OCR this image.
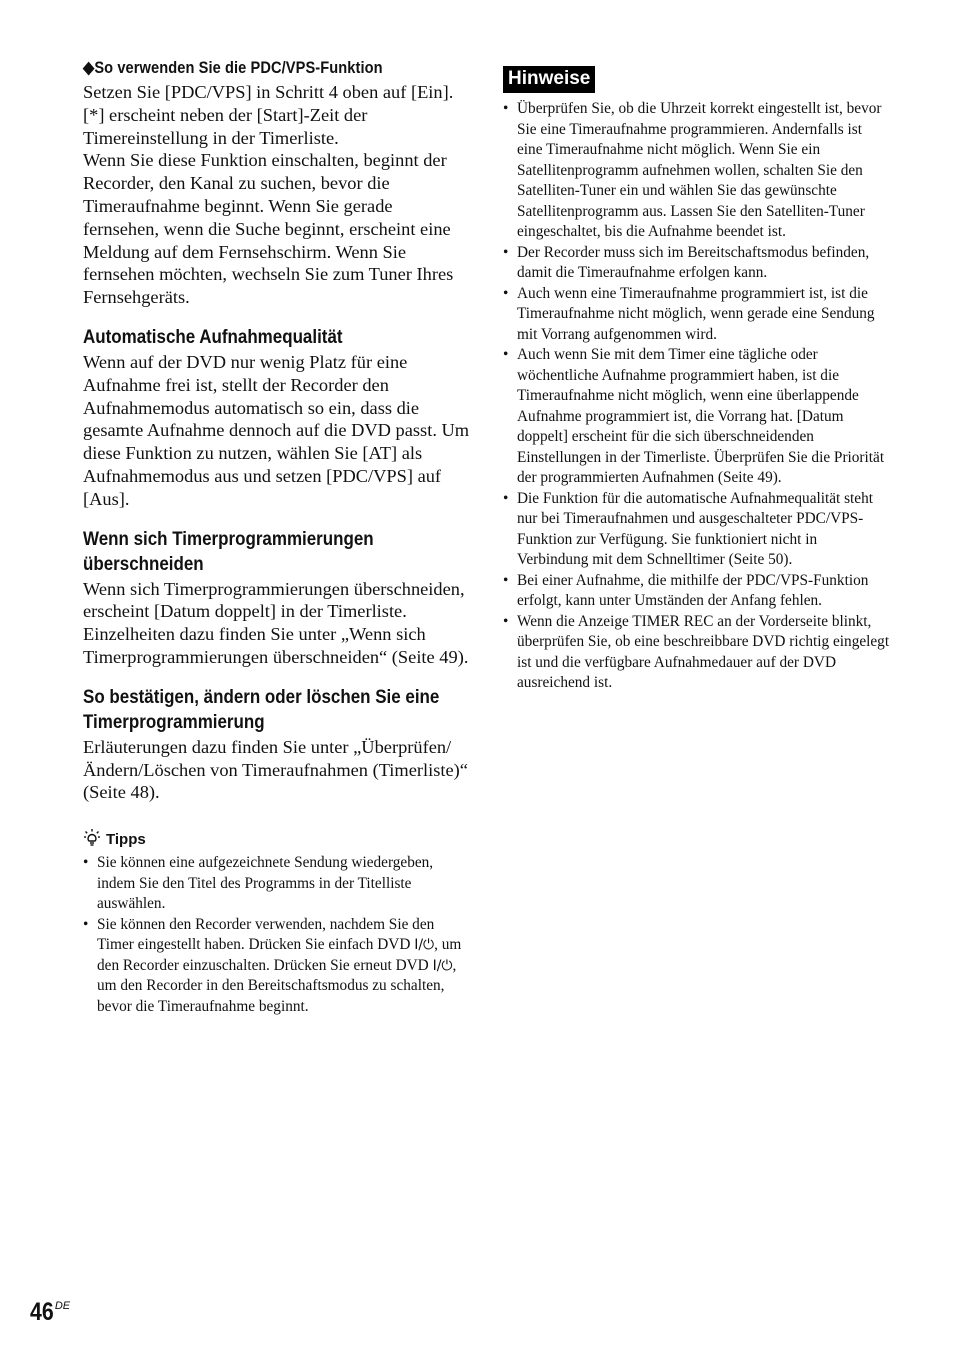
◆So verwenden Sie die PDC/VPS-Funktion

Setzen Sie [PDC/VPS] in Schritt 4 oben auf [Ein]. [*] erscheint neben der [Start]-Zeit der Timereinstellung in der Timerliste.

Wenn Sie diese Funktion einschalten, beginnt der Recorder, den Kanal zu suchen, bevor die Timeraufnahme beginnt. Wenn Sie gerade fernsehen, wenn die Suche beginnt, erscheint eine Meldung auf dem Fernsehschirm. Wenn Sie fernsehen möchten, wechseln Sie zum Tuner Ihres Fernsehgeräts.

Automatische Aufnahmequalität

Wenn auf der DVD nur wenig Platz für eine Aufnahme frei ist, stellt der Recorder den Aufnahmemodus automatisch so ein, dass die gesamte Aufnahme dennoch auf die DVD passt. Um diese Funktion zu nutzen, wählen Sie [AT] als Aufnahmemodus aus und setzen [PDC/VPS] auf [Aus].

Wenn sich Timerprogrammierungen überschneiden

Wenn sich Timerprogrammierungen überschneiden, erscheint [Datum doppelt] in der Timerliste. Einzelheiten dazu finden Sie unter „Wenn sich Timerprogrammierungen überschneiden“ (Seite 49).

So bestätigen, ändern oder löschen Sie eine Timerprogrammierung

Erläuterungen dazu finden Sie unter „Überprüfen/Ändern/Löschen von Timeraufnahmen (Timerliste)“ (Seite 48).

Tipps
• Sie können eine aufgezeichnete Sendung wiedergeben, indem Sie den Titel des Programms in der Titelliste auswählen.
• Sie können den Recorder verwenden, nachdem Sie den Timer eingestellt haben. Drücken Sie einfach DVD I/⏻, um den Recorder einzuschalten. Drücken Sie erneut DVD I/⏻, um den Recorder in den Bereitschaftsmodus zu schalten, bevor die Timeraufnahme beginnt.
Hinweise
• Überprüfen Sie, ob die Uhrzeit korrekt eingestellt ist, bevor Sie eine Timeraufnahme programmieren. Andernfalls ist eine Timeraufnahme nicht möglich. Wenn Sie ein Satellitenprogramm aufnehmen wollen, schalten Sie den Satelliten-Tuner ein und wählen Sie das gewünschte Satellitenprogramm aus. Lassen Sie den Satelliten-Tuner eingeschaltet, bis die Aufnahme beendet ist.
• Der Recorder muss sich im Bereitschaftsmodus befinden, damit die Timeraufnahme erfolgen kann.
• Auch wenn eine Timeraufnahme programmiert ist, ist die Timeraufnahme nicht möglich, wenn gerade eine Sendung mit Vorrang aufgenommen wird.
• Auch wenn Sie mit dem Timer eine tägliche oder wöchentliche Aufnahme programmiert haben, ist die Timeraufnahme nicht möglich, wenn eine überlappende Aufnahme programmiert ist, die Vorrang hat. [Datum doppelt] erscheint für die sich überschneidenden Einstellungen in der Timerliste. Überprüfen Sie die Priorität der programmierten Aufnahmen (Seite 49).
• Die Funktion für die automatische Aufnahmequalität steht nur bei Timeraufnahmen und ausgeschalteter PDC/VPS-Funktion zur Verfügung. Sie funktioniert nicht in Verbindung mit dem Schnelltimer (Seite 50).
• Bei einer Aufnahme, die mithilfe der PDC/VPS-Funktion erfolgt, kann unter Umständen der Anfang fehlen.
• Wenn die Anzeige TIMER REC an der Vorderseite blinkt, überprüfen Sie, ob eine beschreibbare DVD richtig eingelegt ist und die verfügbare Aufnahmedauer auf der DVD ausreichend ist.
46 DE
